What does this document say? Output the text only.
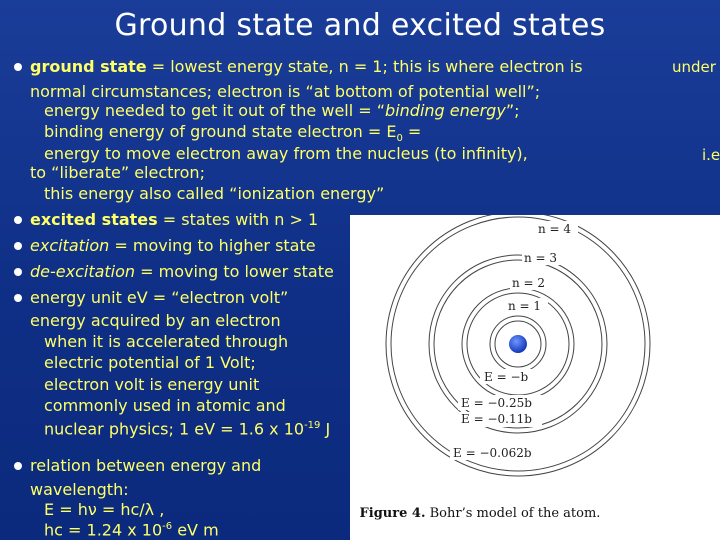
Ground state and excited states
under
i.e
ground state = lowest energy state, n = 1; this is where electron is
normal circumstances; electron is “at bottom of potential well”;
energy needed to get it out of the well = “binding energy”;
binding energy of ground state electron = $E_0$ =
energy to move electron away from the nucleus (to infinity),
to “liberate” electron;
this energy also called “ionization energy”
excited states = states with n > 1
excitation = moving to higher state
de-excitation = moving to lower state
energy unit eV = “electron volt”
energy acquired by an electron
when it is accelerated through
electric potential of 1 Volt;
electron volt is energy unit
commonly used in atomic and
nuclear physics; 1 eV = 1.6 x $10^{-19}$ J
relation between energy and
wavelength:
E = hν = hc/λ ,
hc = 1.24 x $10^{-6}$ eV m
n = 4
n = 3
n = 2
n = 1
E = −b
E = −0.25b
E = −0.11b
E = −0.062b
Figure 4. Bohr’s model of the atom.
